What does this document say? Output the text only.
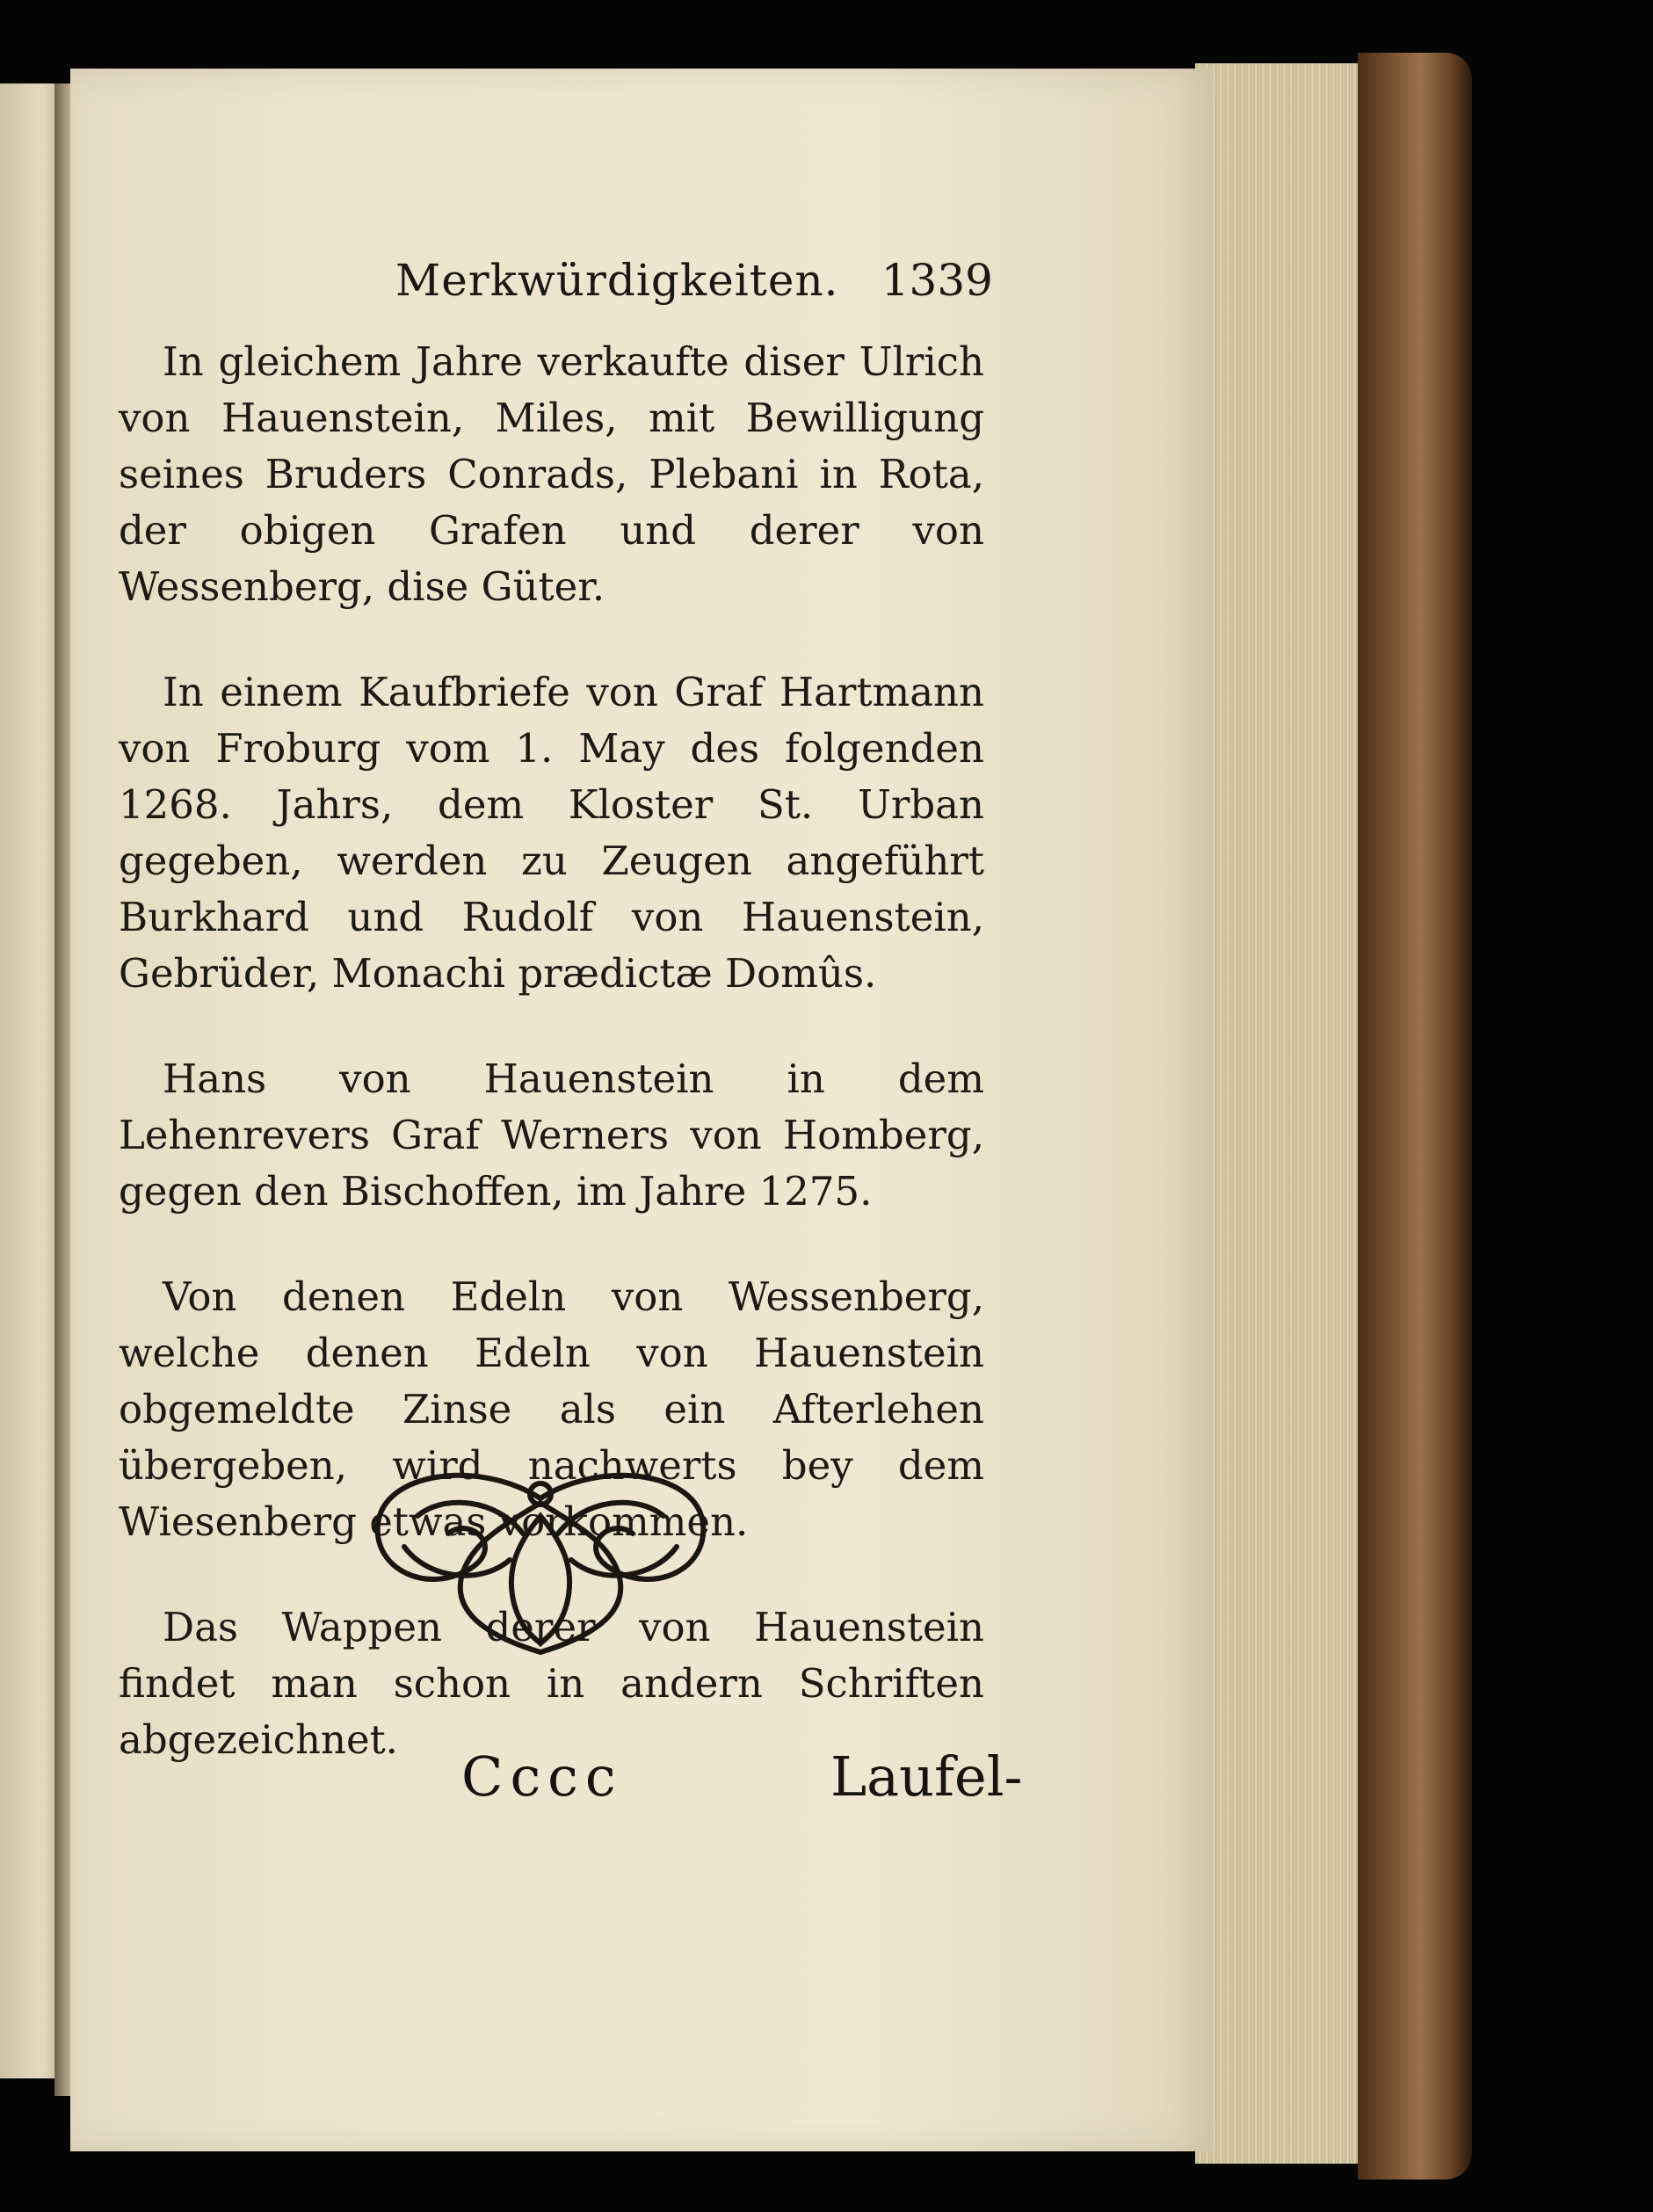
Merkwürdigkeiten. 1339

In gleichem Jahre verkaufte diser Ulrich von Hauenstein, Miles, mit Bewilligung seines Bruders Conrads, Plebani in Rota, der obigen Grafen und derer von Wessenberg, dise Güter.

In einem Kaufbriefe von Graf Hartmann von Froburg vom 1. May des folgenden 1268. Jahrs, dem Kloster St. Urban gegeben, werden zu Zeugen angeführt Burkhard und Rudolf von Hauenstein, Gebrüder, Monachi prædictæ Domûs.

Hans von Hauenstein in dem Lehenrevers Graf Werners von Homberg, gegen den Bischoffen, im Jahre 1275.

Von denen Edeln von Wessenberg, welche denen Edeln von Hauenstein obgemeldte Zinse als ein Afterlehen übergeben, wird nachwerts bey dem Wiesenberg etwas vorkommen.

Das Wappen derer von Hauenstein findet man schon in andern Schriften abgezeichnet.

Cccc	Laufel-
